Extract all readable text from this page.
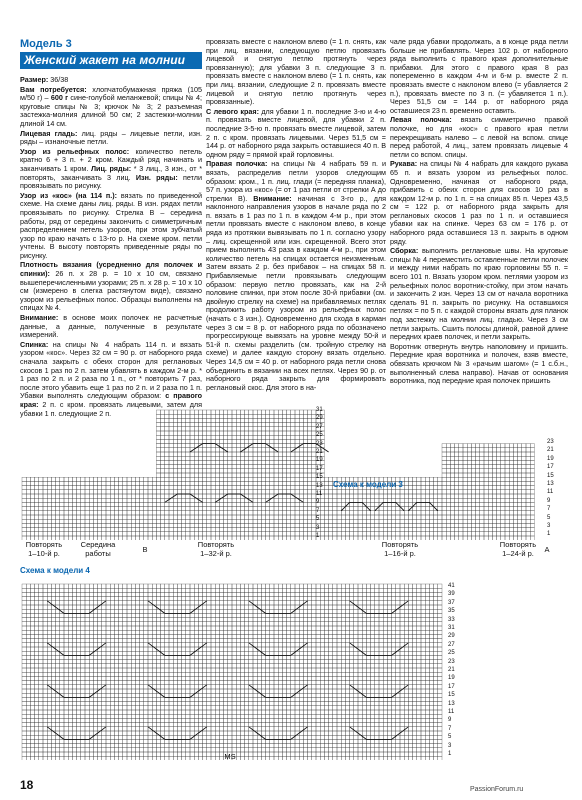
Модель 3
Женский жакет на молнии

Размер: 36/38

Вам потребуется: хлопчатобумажная пряжа (105 м/50 г) – 600 г сине-голубой меланжевой; спицы № 4; круговые спицы № 3; крючок № 3; 2 разъемная застежка-молния длиной 50 см; 2 застежки-молнии длиной 14 см.

Лицевая гладь: лиц. ряды – лицевые петли, изн. ряды – изнаночные петли.

Узор из рельефных полос: количество петель кратно 6 + 3 п. + 2 кром. Каждый ряд начинать и заканчивать 1 кром. Лиц. ряды: * 3 лиц., 3 изн., от * повторять, заканчивать 3 лиц. Изн. ряды: петли провязывать по рисунку.

Узор из «кос» (на 114 п.): вязать по приведенной схеме. На схеме даны лиц. ряды. В изн. рядах петли провязывать по рисунку. Стрелка В – середина работы, ряд от середины закончить с симметричным распределением петель узоров, при этом зубчатый узор по краю начать с 13-го р. На схеме кром. петли учтены. В высоту повторять приведенные ряды по рисунку.

Плотность вязания (усредненно для полочек и спинки): 26 п. х 28 р. = 10 х 10 см, связано вышеперечисленными узорами; 25 п. х 28 р. = 10 х 10 см (измерено в слегка растянутом виде), связано узором из рельефных полос. Образцы выполнены на спицах № 4.

Внимание: в основе моих полочек не расчетные данные, а данные, полученные в результате измерений.

Спинка: на спицы № 4 набрать 114 п. и вязать узором «кос». Через 32 см = 90 р. от наборного ряда сначала закрыть с обеих сторон для реглановых скосов 1 раз по 2 п. затем убавлять в каждом 2-м р. * 1 раз по 2 п. и 2 раза по 1 п., от * повторить 7 раз, после этого убавить еще 1 раз по 2 п. и 2 раза по 1 п. Убавки выполнять следующим образом: с правого края: 2 п. с кром. провязать лицевыми, затем для убавки 1 п. следующие 2 п.

провязать вместе с наклоном влево (= 1 п. снять, как при лиц. вязании, следующую петлю провязать лицевой и снятую петлю протянуть через провязанную); для убавки 3 п. следующие 3 п. провязать вместе с наклоном влево (= 1 п. снять, как при лиц. вязании, следующие 2 п. провязать вместе лицевой и снятую петлю протянуть через провязанные).

С левого края: для убавки 1 п. последние 3-ю и 4-ю п. провязать вместе лицевой, для убавки 2 п. последние 3-5-ю п. провязать вместе лицевой, затем 2 п. с кром. провязать лицевыми. Через 51,5 см = 144 р. от наборного ряда закрыть оставшиеся 40 п. В одном ряду = прямой край горловины.

Правая полочка: на спицы № 4 набрать 59 п. и вязать, распределив петли узоров следующим образом: кром., 1 п. лиц. глади (= передняя планка), 57 п. узора из «кос» (= от 1 раз петли от стрелки А до стрелки В). Внимание: начиная с 3-го р., для наклонного направления узоров в начале ряда по 2 п. вязать в 1 раз по 1 п. в каждом 4-м р., при этом петли провязать вместе с наклоном влево, в конце ряда из протяжки вывязывать по 1 п. согласно узору – лиц. скрещенной или изн. скрещенной. Всего этот прием выполнить 43 раза в каждом 4-м р., при этом количество петель на спицах остается неизменным. Затем вязать 2 р. без прибавок – на спицах 58 п. Прибавляемые петли провязывать следующим образом: первую петлю провязать, как на 2-й половине спинки, при этом после 30-й прибавки (см. двойную стрелку на схеме) на прибавляемых петлях продолжить работу узором из рельефных полос (начать с 3 изн.). Одновременно для схода в карман через 3 см = 8 р. от наборного ряда по обозначено прогрессирующе вывязать на уровне между 50-й и 51-й п. схемы разделить (см. тройную стрелку на схеме) и далее каждую сторону вязать отдельно. Через 14,5 см = 40 р. от наборного ряда петли снова объединить в вязании на всех петлях. Через 90 р. от наборного ряда закрыть для формировать реглановый скос. Для этого в на-

чале ряда убавки продолжать, а в конце ряда петли больше не прибавлять. Через 102 р. от наборного ряда выполнить с правого края дополнительные прибавки. Для этого с правого края 8 раз попеременно в каждом 4-м и 6-м р. вместе 2 п. провязать вместе с наклоном влево (= убавляется 2 п.), провязать вместе по 3 п. (= убавляется 1 п.). Через 51,5 см = 144 р. от наборного ряда оставшиеся 23 п. временно оставить.

Левая полочка: вязать симметрично правой полочке, но для «кос» с правого края петли перекрещивать налево – с левой на вспом. спице перед работой, 4 лиц., затем провязать лицевые 4 петли со вспом. спицы.

Рукава: на спицы № 4 набрать для каждого рукава 65 п. и вязать узором из рельефных полос. Одновременно, начиная от наборного ряда, прибавить с обеих сторон для скосов 10 раз в каждом 12-м р. по 1 п. = на спицах 85 п. Через 43,5 см = 122 р. от наборного ряда закрыть для реглановых скосов 1 раз по 1 п. и оставшиеся убавки как на спинке. Через 63 см = 176 р. от наборного ряда оставшиеся 13 п. закрыть в одном ряду.

Сборка: выполнить реглановые швы. На круговые спицы № 4 переместить оставленные петли полочек и между ними набрать по краю горловины 55 п. = всего 101 п. Вязать узором кром. петлями узором из рельефных полос воротник-стойку, при этом начать и закончить 2 изн. Через 13 см от начала воротника сделать 91 п. закрыть по рисунку. На оставшихся петлях = по 5 п. с каждой стороны вязать для планок под застежку на молнии лиц. гладью. Через 3 см петли закрыть. Сшить полосы длиной, равной длине передних краев полочек, и петли закрыть.

Воротник отвернуть внутрь наполовину и пришить. Передние края воротника и полочек, взяв вместе, обвязать крючком № 3 «рачьим шагом» (= 1 с.б.н., выполненный слева направо). Начав от основания воротника, под передние края полочек пришить

Схема к модели 3
31
29
27
25
23
21
19
17
15
13
11
9
7
5
3
1
23
21
19
17
15
13
11
9
7
5
3
1
Повторять
1–10-й р.
Середина
работы
Повторять
1–32-й р.
Повторять
1–16-й р.
Повторять
1–24-й р.
В	A
Схема к модели 4
41
39
37
35
33
31
29
27
25
23
21
19
17
15
13
11
9
7
5
3
1
MS
18	PassionForum.ru
